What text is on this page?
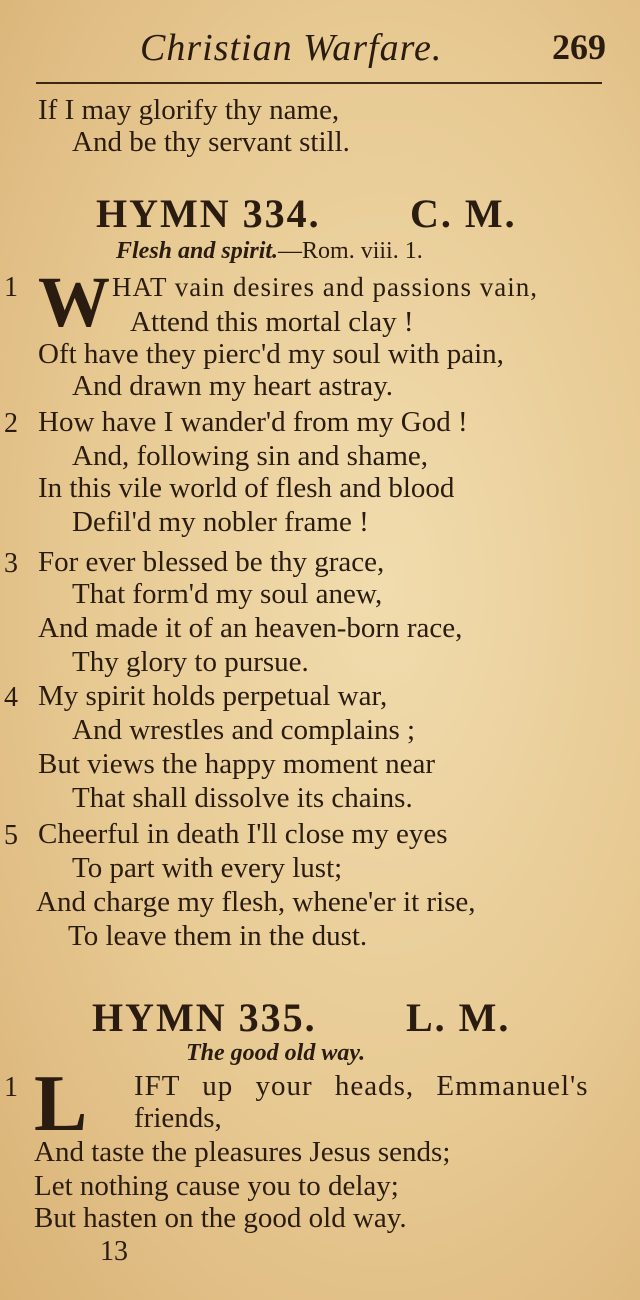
Christian Warfare.	269
If I may glorify thy name,
And be thy servant still.
HYMN 334. C. M.
Flesh and spirit.—Rom. viii. 1.
1 W HAT vain desires and passions vain,
Attend this mortal clay !
Oft have they pierc'd my soul with pain,
And drawn my heart astray.
2 How have I wander'd from my God !
And, following sin and shame,
In this vile world of flesh and blood
Defil'd my nobler frame !
3 For ever blessed be thy grace,
That form'd my soul anew,
And made it of an heaven-born race,
Thy glory to pursue.
4 My spirit holds perpetual war,
And wrestles and complains ;
But views the happy moment near
That shall dissolve its chains.
5 Cheerful in death I'll close my eyes
To part with every lust;
And charge my flesh, whene'er it rise,
To leave them in the dust.
HYMN 335. L. M.
The good old way.
1 L IFT up your heads, Emmanuel's
friends,
And taste the pleasures Jesus sends;
Let nothing cause you to delay;
But hasten on the good old way.
13
